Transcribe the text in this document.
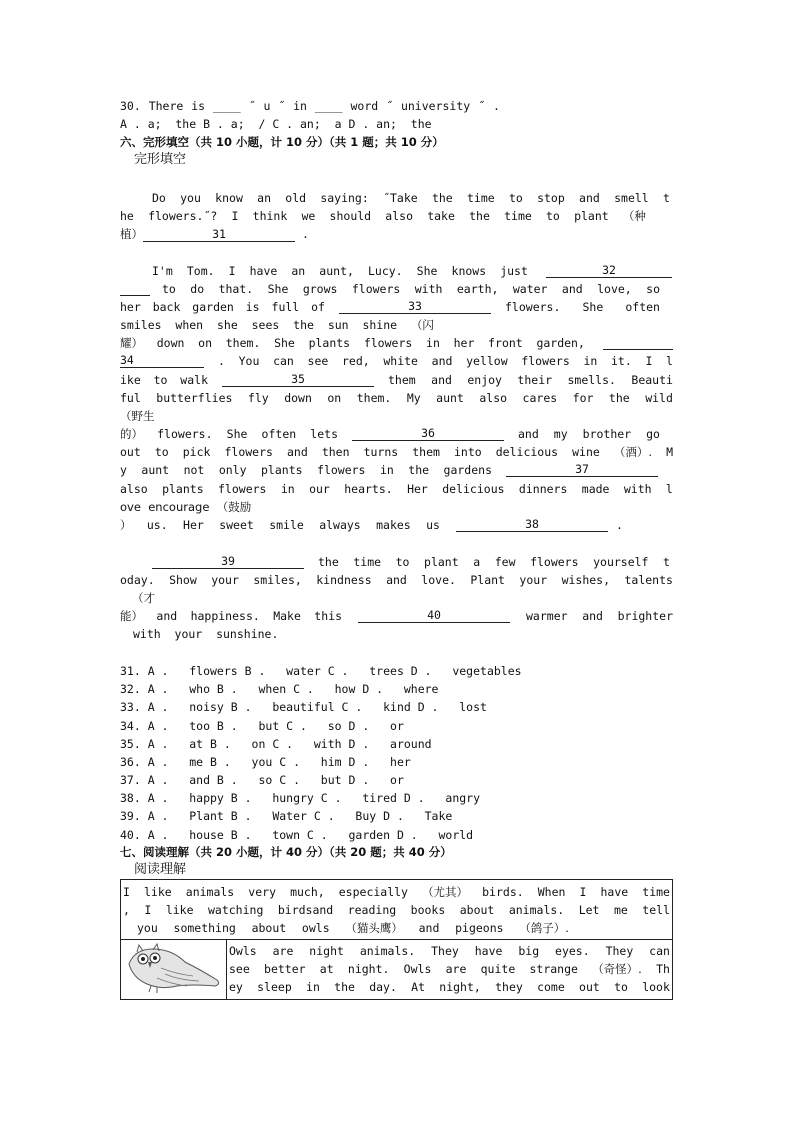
30. There is ____ ˝ u ˝ in ____ word ˝ university ˝ .
A . a;  the B . a;  / C . an;  a D . an;  the
六、完形填空（共 10 小题，计 10 分）（共 1 题；共 10 分）
完形填空
Do you know an old saying: ˝Take the time to stop and smell t
he flowers.˝? I think we should also take the time to plant （种
植）	31	.
I'm Tom. I have an aunt, Lucy. She knows just	32
to do that. She grows flowers with earth, water and love, so
her back garden is full of	33	flowers. She often
smiles when she sees the sun shine （闪
耀） down on them. She plants flowers in her front garden,
34	. You can see red, white and yellow flowers in it. I l
ike to walk	35	them and enjoy their smells. Beauti
ful butterflies fly down on them. My aunt also cares for the wild
（野生
的） flowers. She often lets	36	and my brother go
out to pick flowers and then turns them into delicious wine （酒）. M
y aunt not only plants flowers in the gardens	37
also plants flowers in our hearts. Her delicious dinners made with l
ove  encourage  （鼓励
） us. Her sweet smile always makes us	38	.
39	the time to plant a few flowers yourself t
oday. Show your smiles, kindness and love. Plant your wishes, talents
（才
能） and happiness. Make this	40	warmer and brighter
with  your  sunshine.
31. A .   flowers B .   water C .   trees D .   vegetables
32. A .   who B .   when C .   how D .   where
33. A .   noisy B .   beautiful C .   kind D .   lost
34. A .   too B .   but C .   so D .   or
35. A .   at B .   on C .   with D .   around
36. A .   me B .   you C .   him D .   her
37. A .   and B .   so C .   but D .   or
38. A .   happy B .   hungry C .   tired D .   angry
39. A .   Plant B .   Water C .   Buy D .   Take
40. A .   house B .   town C .   garden D .   world
七、阅读理解（共 20 小题，计 40 分）（共 20 题；共 40 分）
阅读理解
I like animals very much, especially （尤其） birds. When I have time
, I like watching birdsand reading books about animals. Let me tell
you something about owls （猫头鹰） and pigeons （鸽子）.

Owls are night animals. They have big eyes. They can
see better at night. Owls are quite strange （奇怪）. Th
ey sleep in the day. At night, they come out to look
